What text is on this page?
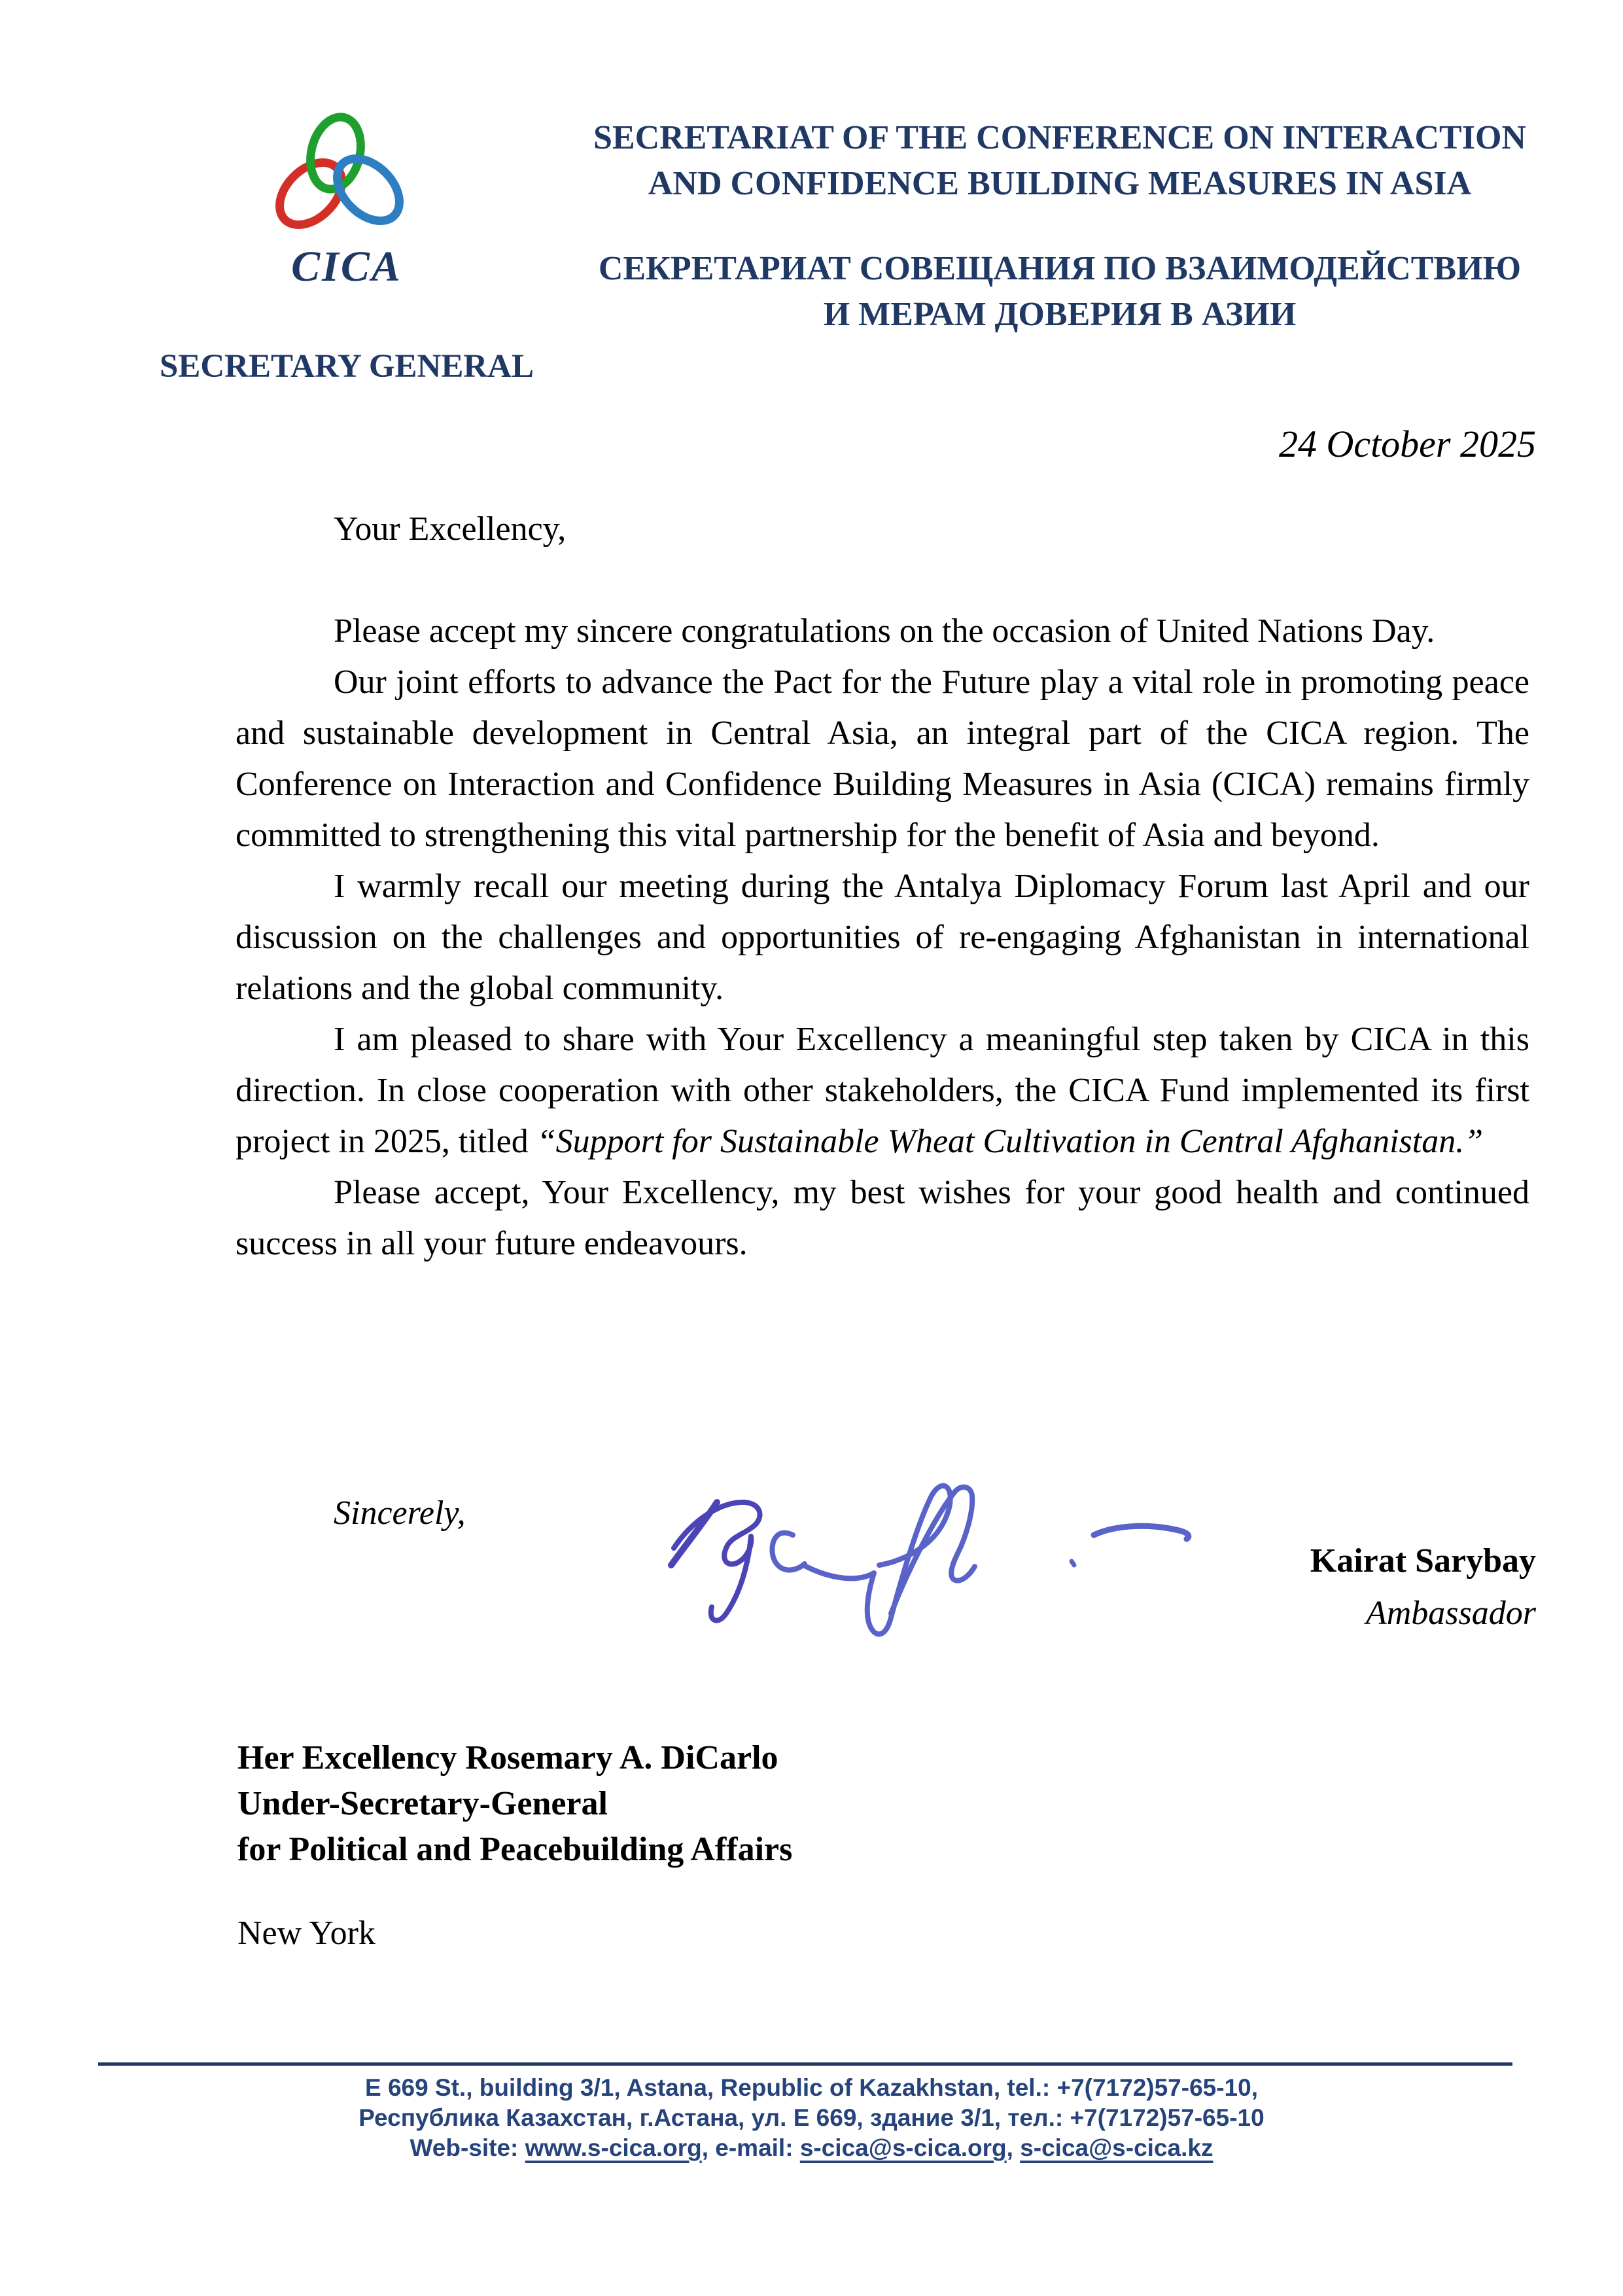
CICA
SECRETARY GENERAL
SECRETARIAT OF THE CONFERENCE ON INTERACTION
AND CONFIDENCE BUILDING MEASURES IN ASIA
СЕКРЕТАРИАТ СОВЕЩАНИЯ ПО ВЗАИМОДЕЙСТВИЮ
И МЕРАМ ДОВЕРИЯ В АЗИИ
24 October 2025

Your Excellency,

Please accept my sincere congratulations on the occasion of United Nations Day.

Our joint efforts to advance the Pact for the Future play a vital role in promoting peace and sustainable development in Central Asia, an integral part of the CICA region. The Conference on Interaction and Confidence Building Measures in Asia (CICA) remains firmly committed to strengthening this vital partnership for the benefit of Asia and beyond.

I warmly recall our meeting during the Antalya Diplomacy Forum last April and our discussion on the challenges and opportunities of re-engaging Afghanistan in international relations and the global community.

I am pleased to share with Your Excellency a meaningful step taken by CICA in this direction. In close cooperation with other stakeholders, the CICA Fund implemented its first project in 2025, titled “Support for Sustainable Wheat Cultivation in Central Afghanistan.”

Please accept, Your Excellency, my best wishes for your good health and continued success in all your future endeavours.

Sincerely,
Kairat Sarybay
Ambassador
Her Excellency Rosemary A. DiCarlo
Under-Secretary-General
for Political and Peacebuilding Affairs
New York
E 669 St., building 3/1, Astana, Republic of Kazakhstan, tel.: +7(7172)57-65-10,
Республика Казахстан, г.Астана, ул. Е 669, здание 3/1, тел.: +7(7172)57-65-10
Web-site: www.s-cica.org, e-mail: s-cica@s-cica.org, s-cica@s-cica.kz
